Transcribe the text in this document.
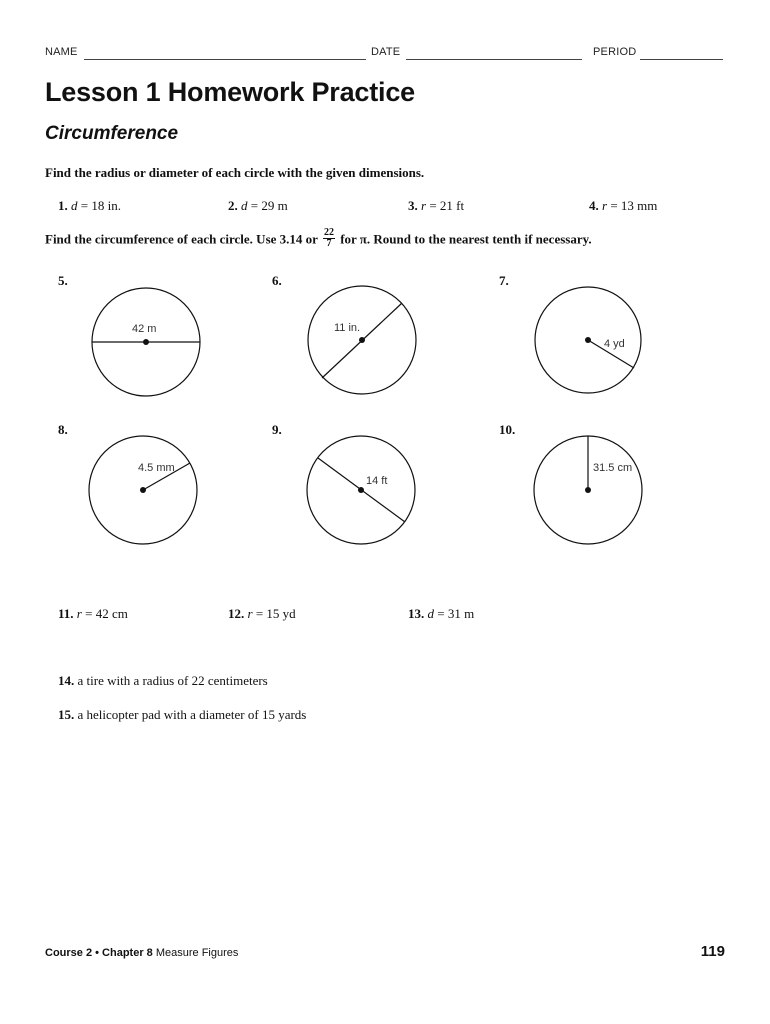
NAME	DATE	PERIOD
Lesson 1 Homework Practice
Circumference
Find the radius or diameter of each circle with the given dimensions.
1. d = 18 in.	2. d = 29 m	3. r = 21 ft	4. r = 13 mm
Find the circumference of each circle. Use 3.14 or $\frac{22}{7}$ for π. Round to the nearest tenth if necessary.
5.	6.	7.
8.	9.	10.
42 m	11 in.
4 yd
4.5 mm
14 ft
31.5 cm
11. r = 42 cm	12. r = 15 yd	13. d = 31 m
14. a tire with a radius of 22 centimeters
15. a helicopter pad with a diameter of 15 yards
Course 2 • Chapter 8 Measure Figures	119
